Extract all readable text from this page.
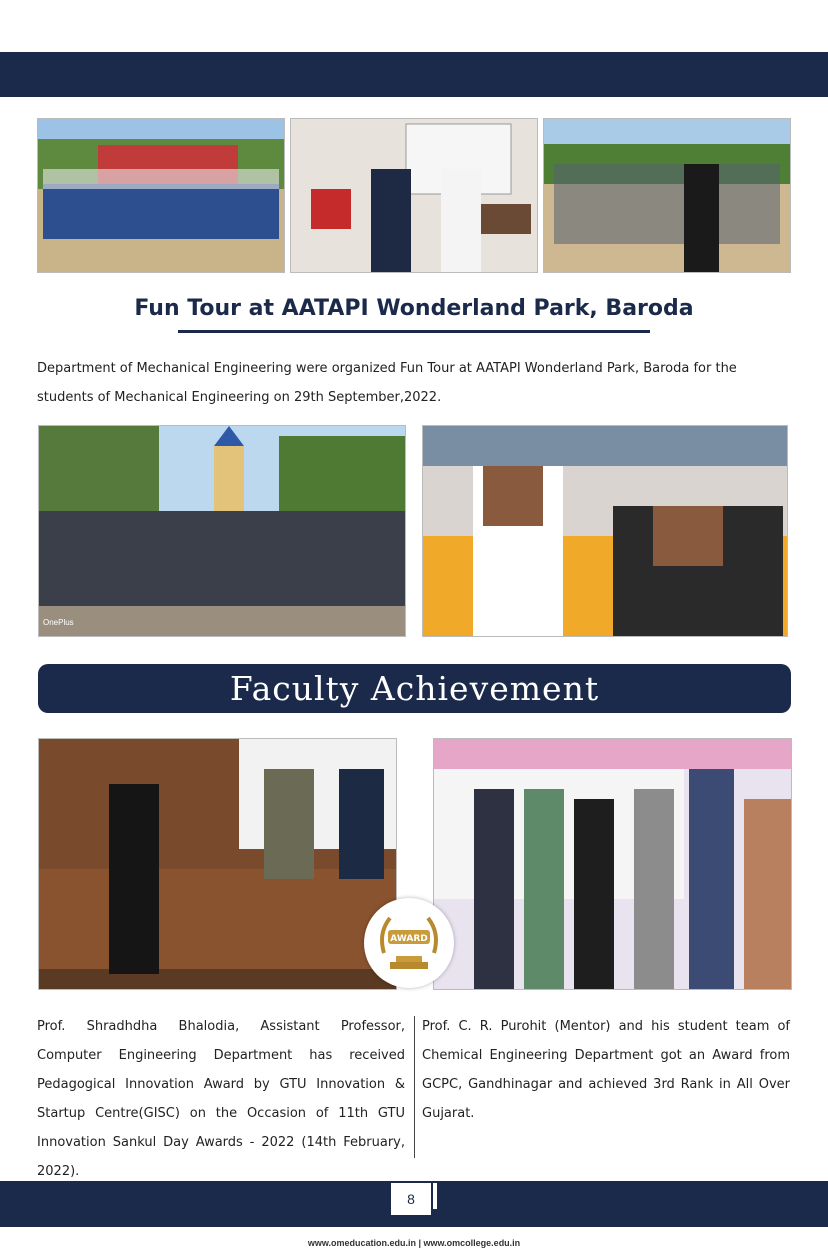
Fun Tour at AATAPI Wonderland Park, Baroda
Department of Mechanical Engineering were organized Fun Tour at AATAPI Wonderland Park, Baroda for the students of Mechanical Engineering on 29th September,2022.
OnePlus
Faculty Achievement
AWARD
Prof. Shradhdha Bhalodia, Assistant Professor, Computer Engineering Department has received Pedagogical Innovation Award by GTU Innovation & Startup Centre(GISC) on the Occasion of 11th GTU Innovation Sankul Day Awards - 2022 (14th February, 2022).
Prof. C. R. Purohit (Mentor) and his student team of Chemical Engineering Department got an Award from GCPC, Gandhinagar and achieved 3rd Rank in All Over Gujarat.
8
www.omeducation.edu.in | www.omcollege.edu.in
